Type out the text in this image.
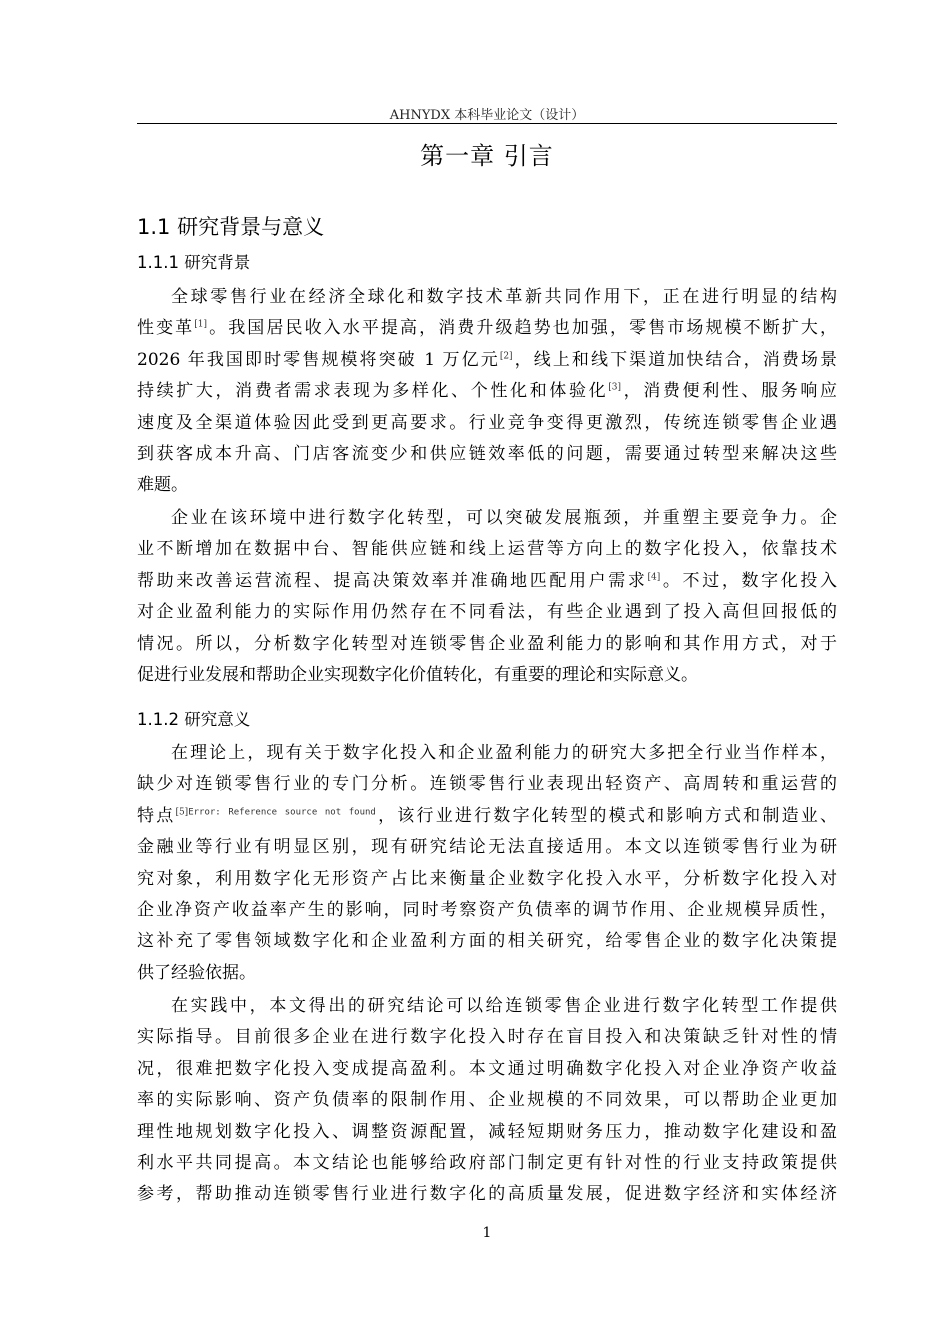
AHNYDX 本科毕业论文（设计）
第一章 引言
1.1 研究背景与意义
1.1.1 研究背景

全球零售行业在经济全球化和数字技术革新共同作用下，正在进行明显的结构
性变革[1]。我国居民收入水平提高，消费升级趋势也加强，零售市场规模不断扩大，
2026 年我国即时零售规模将突破 1 万亿元[2]，线上和线下渠道加快结合，消费场景
持续扩大，消费者需求表现为多样化、个性化和体验化[3]，消费便利性、服务响应
速度及全渠道体验因此受到更高要求。行业竞争变得更激烈，传统连锁零售企业遇
到获客成本升高、门店客流变少和供应链效率低的问题，需要通过转型来解决这些
难题。

企业在该环境中进行数字化转型，可以突破发展瓶颈，并重塑主要竞争力。企
业不断增加在数据中台、智能供应链和线上运营等方向上的数字化投入，依靠技术
帮助来改善运营流程、提高决策效率并准确地匹配用户需求[4]。不过，数字化投入
对企业盈利能力的实际作用仍然存在不同看法，有些企业遇到了投入高但回报低的
情况。所以，分析数字化转型对连锁零售企业盈利能力的影响和其作用方式，对于
促进行业发展和帮助企业实现数字化价值转化，有重要的理论和实际意义。

1.1.2 研究意义

在理论上，现有关于数字化投入和企业盈利能力的研究大多把全行业当作样本，
缺少对连锁零售行业的专门分析。连锁零售行业表现出轻资产、高周转和重运营的
特点$^{[5]Error: Reference source not found}$，该行业进行数字化转型的模式和影响方式和制造业、
金融业等行业有明显区别，现有研究结论无法直接适用。本文以连锁零售行业为研
究对象，利用数字化无形资产占比来衡量企业数字化投入水平，分析数字化投入对
企业净资产收益率产生的影响，同时考察资产负债率的调节作用、企业规模异质性，
这补充了零售领域数字化和企业盈利方面的相关研究，给零售企业的数字化决策提
供了经验依据。

在实践中，本文得出的研究结论可以给连锁零售企业进行数字化转型工作提供
实际指导。目前很多企业在进行数字化投入时存在盲目投入和决策缺乏针对性的情
况，很难把数字化投入变成提高盈利。本文通过明确数字化投入对企业净资产收益
率的实际影响、资产负债率的限制作用、企业规模的不同效果，可以帮助企业更加
理性地规划数字化投入、调整资源配置，减轻短期财务压力，推动数字化建设和盈
利水平共同提高。本文结论也能够给政府部门制定更有针对性的行业支持政策提供
参考，帮助推动连锁零售行业进行数字化的高质量发展，促进数字经济和实体经济

1
